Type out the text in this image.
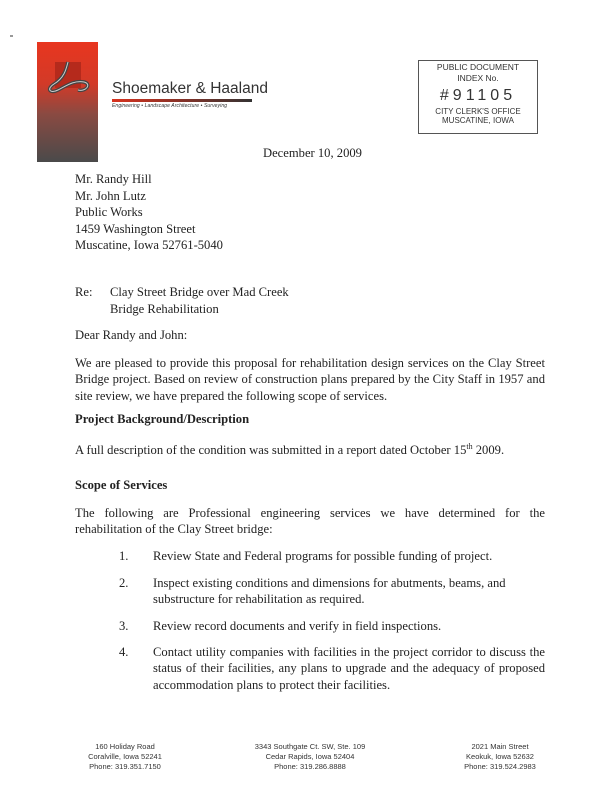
Shoemaker & Haaland
Engineering • Landscape Architecture • Surveying
PUBLIC DOCUMENT
INDEX No.
#91105
CITY CLERK'S OFFICE
MUSCATINE, IOWA
December 10, 2009
Mr. Randy Hill
Mr. John Lutz
Public Works
1459 Washington Street
Muscatine, Iowa 52761-5040
Re: Clay Street Bridge over Mad Creek
Bridge Rehabilitation
Dear Randy and John:
We are pleased to provide this proposal for rehabilitation design services on the Clay Street Bridge project. Based on review of construction plans prepared by the City Staff in 1957 and site review, we have prepared the following scope of services.
Project Background/Description
A full description of the condition was submitted in a report dated October 15th 2009.
Scope of Services
The following are Professional engineering services we have determined for the rehabilitation of the Clay Street bridge:
1. Review State and Federal programs for possible funding of project.
2. Inspect existing conditions and dimensions for abutments, beams, and substructure for rehabilitation as required.
3. Review record documents and verify in field inspections.
4. Contact utility companies with facilities in the project corridor to discuss the status of their facilities, any plans to upgrade and the adequacy of proposed accommodation plans to protect their facilities.
160 Holiday Road
Coralville, Iowa 52241
Phone: 319.351.7150
3343 Southgate Ct. SW, Ste. 109
Cedar Rapids, Iowa 52404
Phone: 319.286.8888
2021 Main Street
Keokuk, Iowa 52632
Phone: 319.524.2983
